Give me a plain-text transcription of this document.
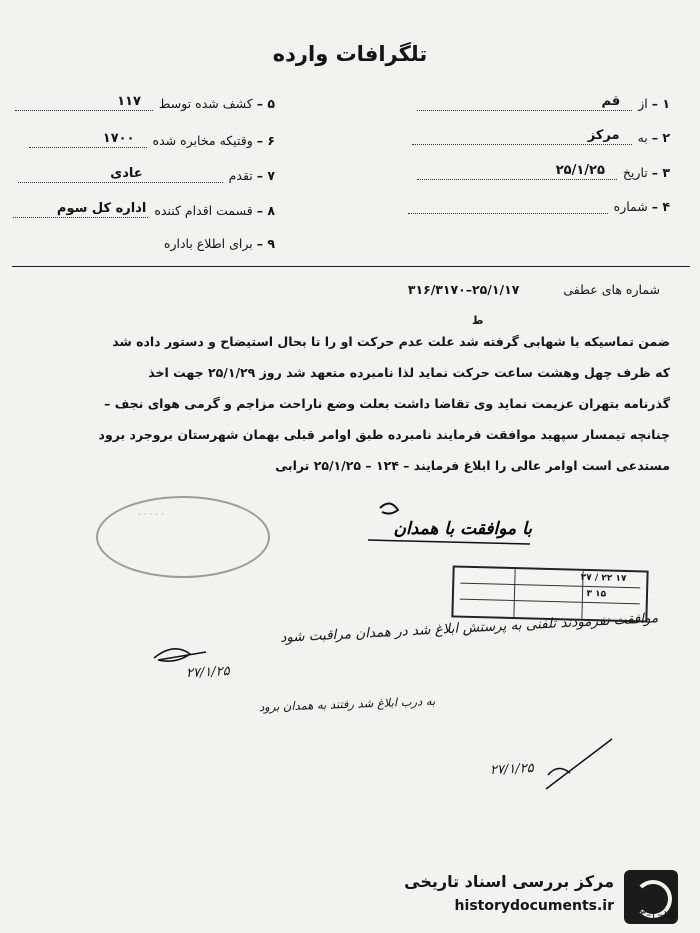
تلگرافات وارده
۱ –از
قم
۲ –به
مرکز
۳ –تاریخ
۲۵/۱/۲۵
۴ –شماره
۵ –کشف شده توسط
۱۱۷
۶ –وقتیکه مخابره شده
۱۷۰۰
۷ –تقدم
عادی
۸ –قسمت اقدام کننده
اداره کل سوم
۹ –برای اطلاع باداره
شماره های عطفی ۲۵/۱/۱۷–۳۱۶/۳۱۷۰
ط
ضمن تماسیکه با شهابی گرفته شد علت عدم حرکت او را تا بحال استیضاح و دستور داده شد
که ظرف چهل وهشت ساعت حرکت نماید لذا نامبرده متعهد شد روز ۲۵/۱/۲۹ جهت اخذ
گذرنامه بتهران عزیمت نماید وی تقاضا داشت بعلت وضع ناراحت مزاجم و گرمی هوای نجف –
چنانچه تیمسار سپهبد موافقت فرمایند نامبرده طبق اوامر قبلی بهمان شهرستان بروجرد برود
مستدعی است اوامر عالی را ابلاغ فرمایند – ۱۲۴ – ۲۵/۱/۲۵ ترابی
· · · · ·
با موافقت با همدان
۱۷ ۲۲ / ۲۷
۱۵ ۳
موافقت نفرمودند تلفنی به پرستش ابلاغ شد در همدان مراقبت شود
۲۷/۱/۲۵
به درب ابلاغ شد رفتند به همدان برود
۲۷/۱/۲۵
مرکز بررسی اسناد تاریخی
historydocuments.ir
۳–۲–۱۵
